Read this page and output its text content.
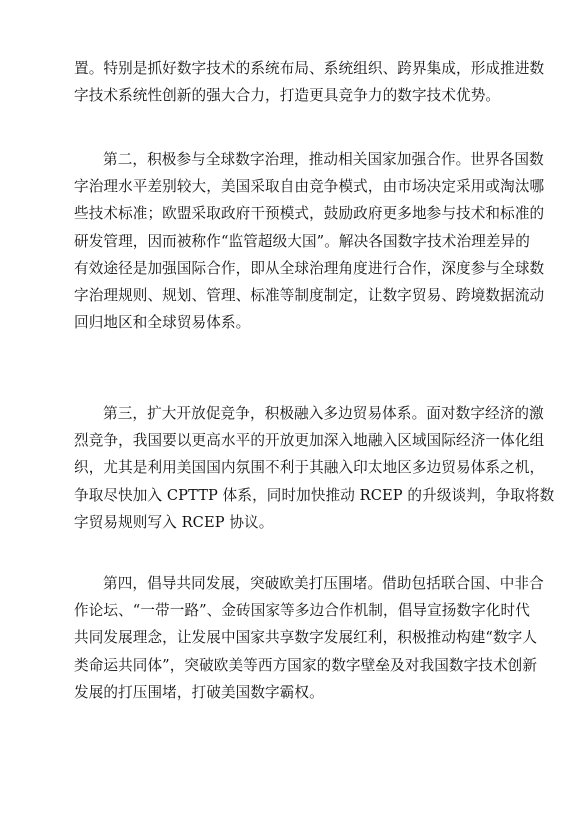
置。特别是抓好数字技术的系统布局、系统组织、跨界集成，形成推进数
字技术系统性创新的强大合力，打造更具竞争力的数字技术优势。
第二，积极参与全球数字治理，推动相关国家加强合作。世界各国数
字治理水平差别较大，美国采取自由竞争模式，由市场决定采用或淘汰哪
些技术标准；欧盟采取政府干预模式，鼓励政府更多地参与技术和标准的
研发管理，因而被称作“监管超级大国”。解决各国数字技术治理差异的
有效途径是加强国际合作，即从全球治理角度进行合作，深度参与全球数
字治理规则、规划、管理、标准等制度制定，让数字贸易、跨境数据流动
回归地区和全球贸易体系。
第三，扩大开放促竞争，积极融入多边贸易体系。面对数字经济的激
烈竞争，我国要以更高水平的开放更加深入地融入区域国际经济一体化组
织，尤其是利用美国国内氛围不利于其融入印太地区多边贸易体系之机，
争取尽快加入 CPTTP 体系，同时加快推动 RCEP 的升级谈判，争取将数
字贸易规则写入 RCEP 协议。
第四，倡导共同发展，突破欧美打压围堵。借助包括联合国、中非合
作论坛、“一带一路”、金砖国家等多边合作机制，倡导宣扬数字化时代
共同发展理念，让发展中国家共享数字发展红利，积极推动构建“数字人
类命运共同体”，突破欧美等西方国家的数字壁垒及对我国数字技术创新
发展的打压围堵，打破美国数字霸权。
